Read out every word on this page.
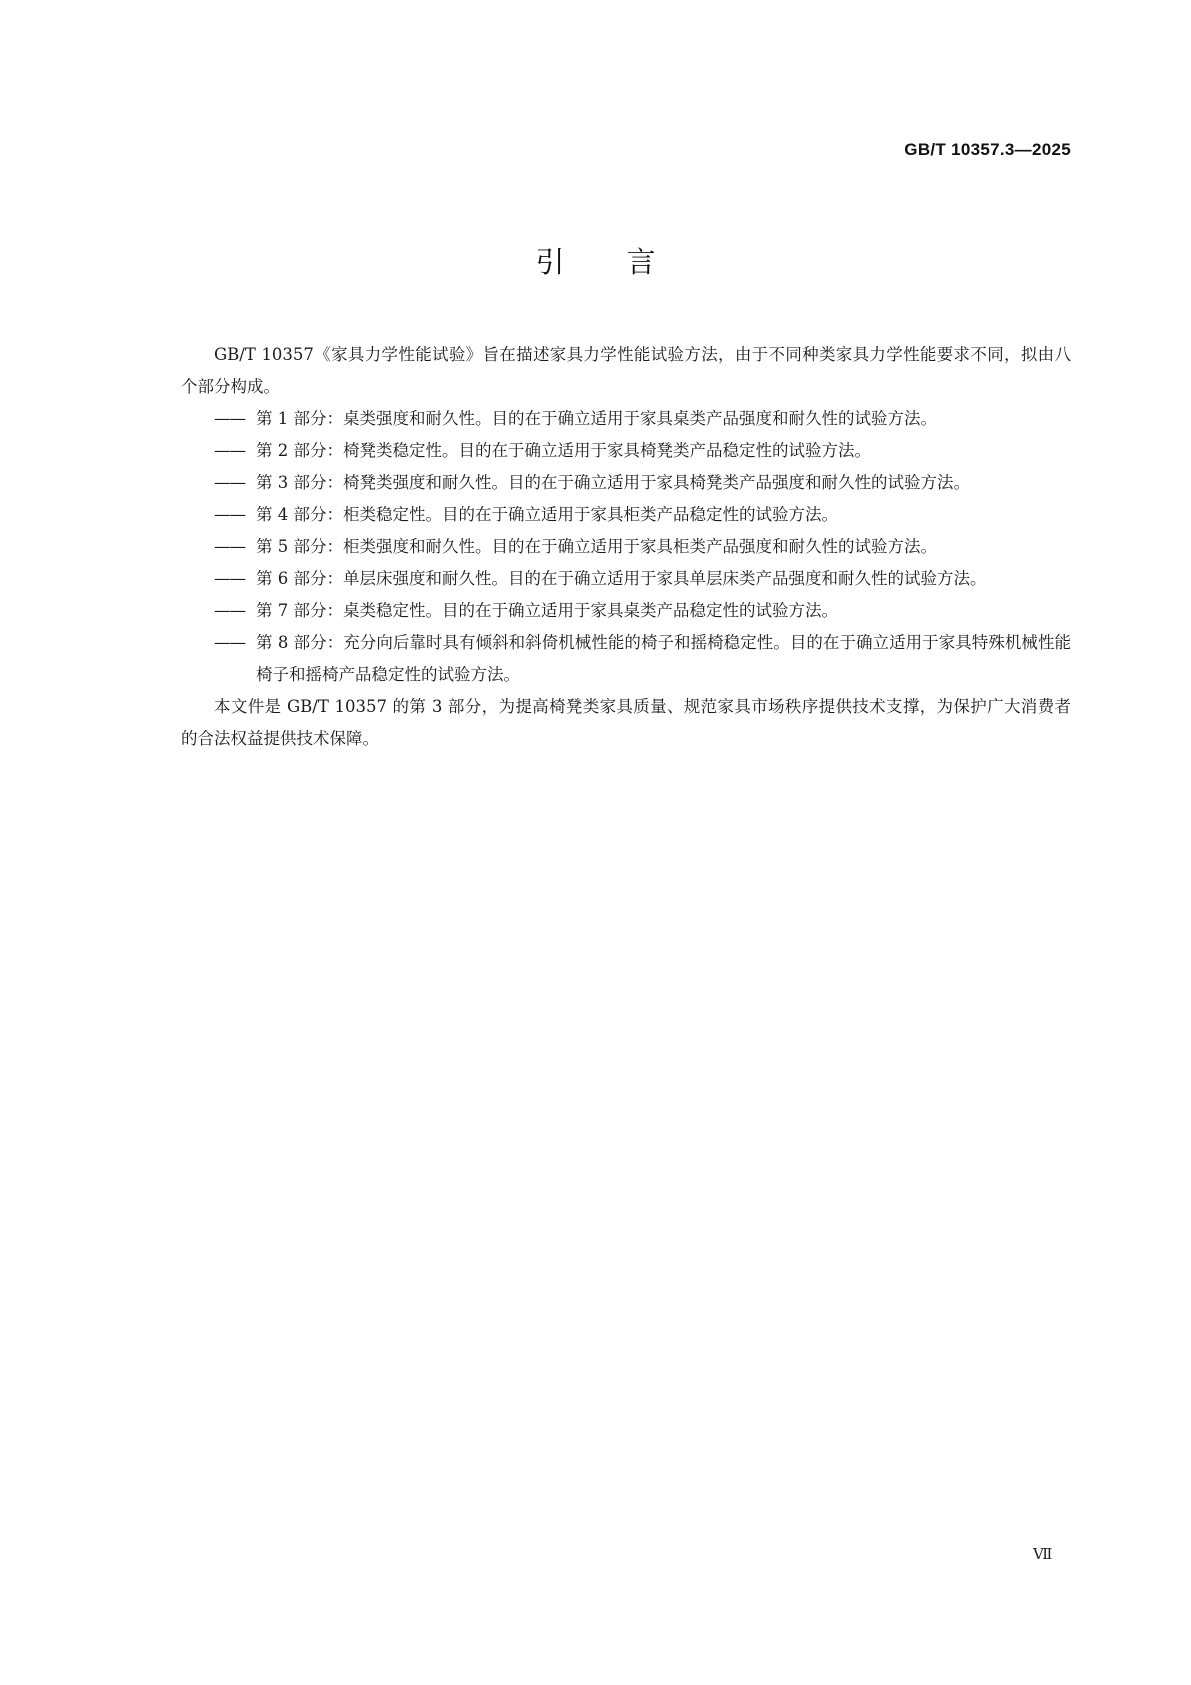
GB/T 10357.3—2025
引言

GB/T 10357《家具力学性能试验》旨在描述家具力学性能试验方法，由于不同种类家具力学性能要求不同，拟由八个部分构成。

—— 第 1 部分：桌类强度和耐久性。目的在于确立适用于家具桌类产品强度和耐久性的试验方法。
—— 第 2 部分：椅凳类稳定性。目的在于确立适用于家具椅凳类产品稳定性的试验方法。
—— 第 3 部分：椅凳类强度和耐久性。目的在于确立适用于家具椅凳类产品强度和耐久性的试验方法。
—— 第 4 部分：柜类稳定性。目的在于确立适用于家具柜类产品稳定性的试验方法。
—— 第 5 部分：柜类强度和耐久性。目的在于确立适用于家具柜类产品强度和耐久性的试验方法。
—— 第 6 部分：单层床强度和耐久性。目的在于确立适用于家具单层床类产品强度和耐久性的试验方法。
—— 第 7 部分：桌类稳定性。目的在于确立适用于家具桌类产品稳定性的试验方法。
—— 第 8 部分：充分向后靠时具有倾斜和斜倚机械性能的椅子和摇椅稳定性。目的在于确立适用于家具特殊机械性能椅子和摇椅产品稳定性的试验方法。

本文件是 GB/T 10357 的第 3 部分，为提高椅凳类家具质量、规范家具市场秩序提供技术支撑，为保护广大消费者的合法权益提供技术保障。

Ⅶ
